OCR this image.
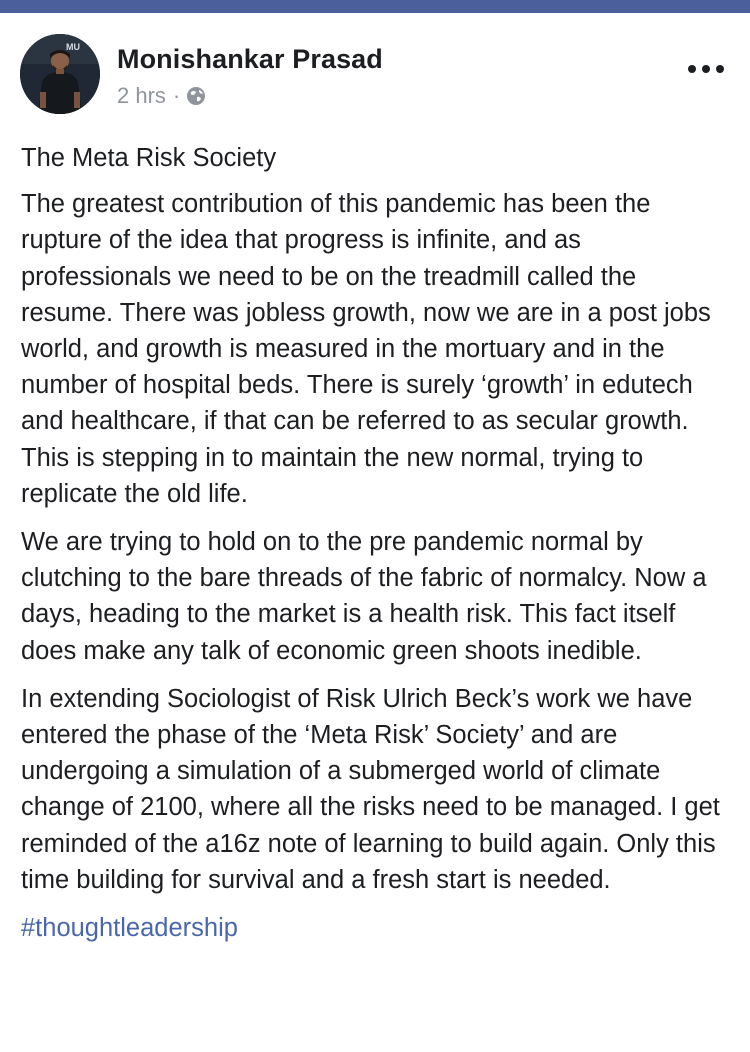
MU Monishankar Prasad
2 hrs ·

The Meta Risk Society

The greatest contribution of this pandemic has been the rupture of the idea that progress is infinite, and as professionals we need to be on the treadmill called the resume. There was jobless growth, now we are in a post jobs world, and growth is measured in the mortuary and in the number of hospital beds. There is surely ‘growth’ in edutech and healthcare, if that can be referred to as secular growth. This is stepping in to maintain the new normal, trying to replicate the old life.

We are trying to hold on to the pre pandemic normal by clutching to the bare threads of the fabric of normalcy. Now a days, heading to the market is a health risk. This fact itself does make any talk of economic green shoots inedible.

In extending Sociologist of Risk Ulrich Beck’s work we have entered the phase of the ‘Meta Risk’ Society’ and are undergoing a simulation of a submerged world of climate change of 2100, where all the risks need to be managed. I get reminded of the a16z note of learning to build again. Only this time building for survival and a fresh start is needed.

#thoughtleadership
